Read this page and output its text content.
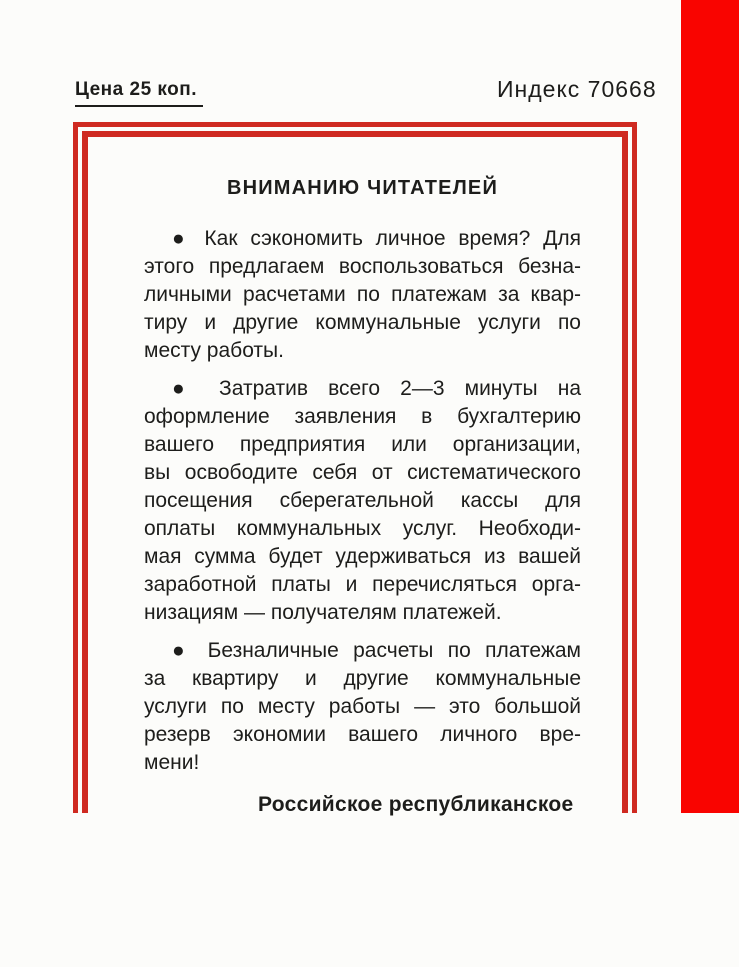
Цена 25 коп.	Индекс 70668
ВНИМАНИЮ ЧИТАТЕЛЕЙ
● Как сэкономить личное время? Для
этого предлагаем воспользоваться безна-
личными расчетами по платежам за квар-
тиру и другие коммунальные услуги по
месту работы.
● Затратив всего 2—3 минуты на
оформление заявления в бухгалтерию
вашего предприятия или организации,
вы освободите себя от систематического
посещения сберегательной кассы для
оплаты коммунальных услуг. Необходи-
мая сумма будет удерживаться из вашей
заработной платы и перечисляться орга-
низациям — получателям платежей.
● Безналичные расчеты по платежам
за квартиру и другие коммунальные
услуги по месту работы — это большой
резерв экономии вашего личного вре-
мени!
Российское республиканское
